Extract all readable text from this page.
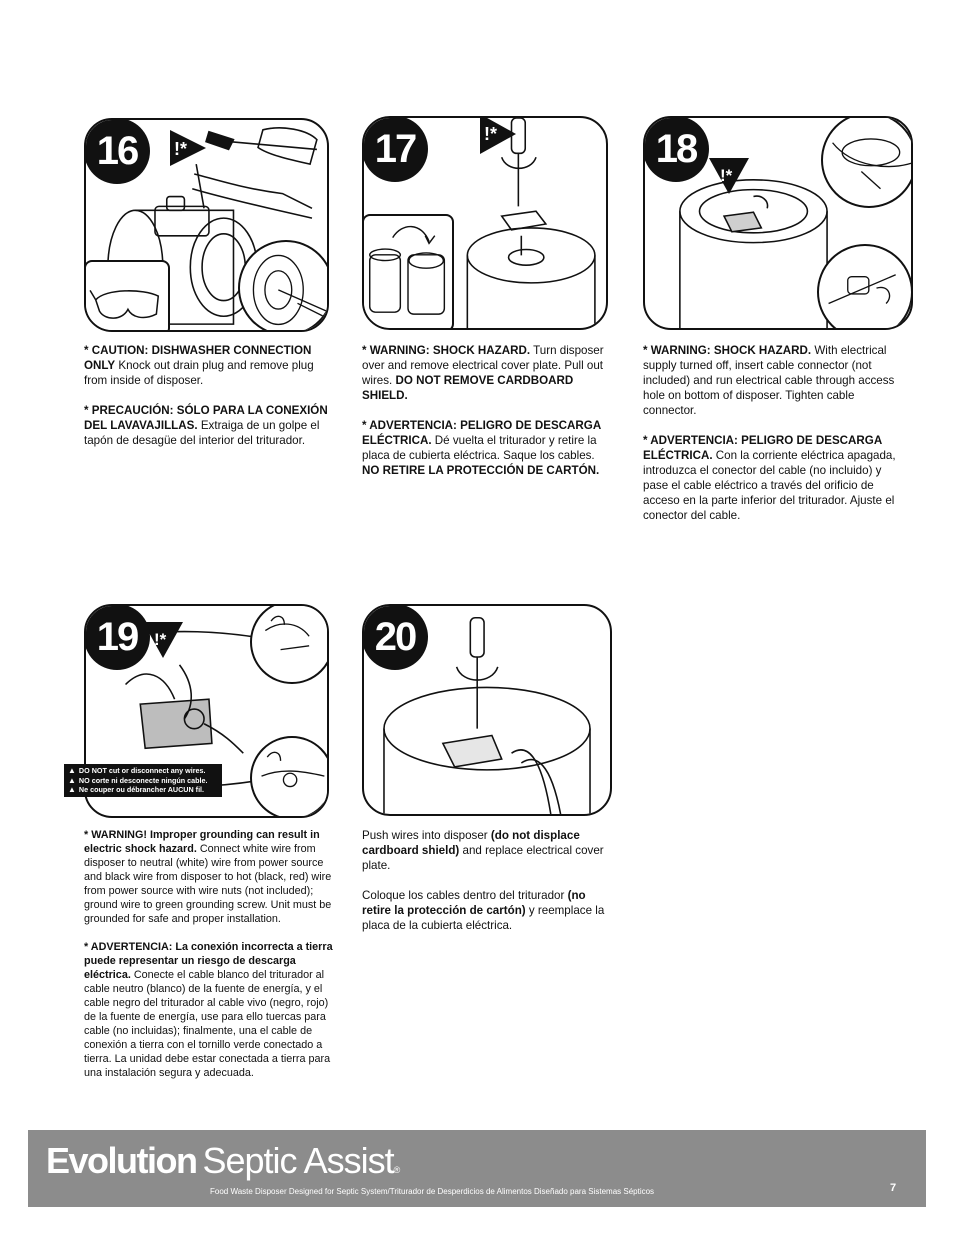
16	!*

* CAUTION: DISHWASHER CONNECTION ONLY Knock out drain plug and remove plug from inside of disposer.

* PRECAUCIÓN: SÓLO PARA LA CONEXIÓN DEL LAVAVAJILLAS. Extraiga de un golpe el tapón de desagüe del interior del triturador.

17	!*

* WARNING: SHOCK HAZARD. Turn disposer over and remove electrical cover plate. Pull out wires. DO NOT REMOVE CARDBOARD SHIELD.

* ADVERTENCIA: PELIGRO DE DESCARGA ELÉCTRICA. Dé vuelta el triturador y retire la placa de cubierta eléctrica. Saque los cables. NO RETIRE LA PROTECCIÓN DE CARTÓN.

18
!*

* WARNING: SHOCK HAZARD. With electrical supply turned off, insert cable connector (not included) and run electrical cable through access hole on bottom of disposer. Tighten cable connector.

* ADVERTENCIA: PELIGRO DE DESCARGA ELÉCTRICA. Con la corriente eléctrica apagada, introduzca el conector del cable (no incluido) y pase el cable eléctrico a través del orificio de acceso en la parte inferior del triturador. Ajuste el conector del cable.

19 !*
▲ DO NOT cut or disconnect any wires.
▲ NO corte ni desconecte ningún cable.
▲ Ne couper ou débrancher AUCUN fil.

* WARNING! Improper grounding can result in electric shock hazard. Connect white wire from disposer to neutral (white) wire from power source and black wire from disposer to hot (black, red) wire from power source with wire nuts (not included); ground wire to green grounding screw. Unit must be grounded for safe and proper installation.

* ADVERTENCIA: La conexión incorrecta a tierra puede representar un riesgo de descarga eléctrica. Conecte el cable blanco del triturador al cable neutro (blanco) de la fuente de energía, y el cable negro del triturador al cable vivo (negro, rojo) de la fuente de energía, use para ello tuercas para cable (no incluidas); finalmente, una el cable de conexión a tierra con el tornillo verde conectado a tierra. La unidad debe estar conectada a tierra para una instalación segura y adecuada.

20

Push wires into disposer (do not displace cardboard shield) and replace electrical cover plate.

Coloque los cables dentro del triturador (no retire la protección de cartón) y reemplace la placa de la cubierta eléctrica.

Evolution Septic Assist®
Food Waste Disposer Designed for Septic System/Triturador de Desperdicios de Alimentos Diseñado para Sistemas Sépticos	7
